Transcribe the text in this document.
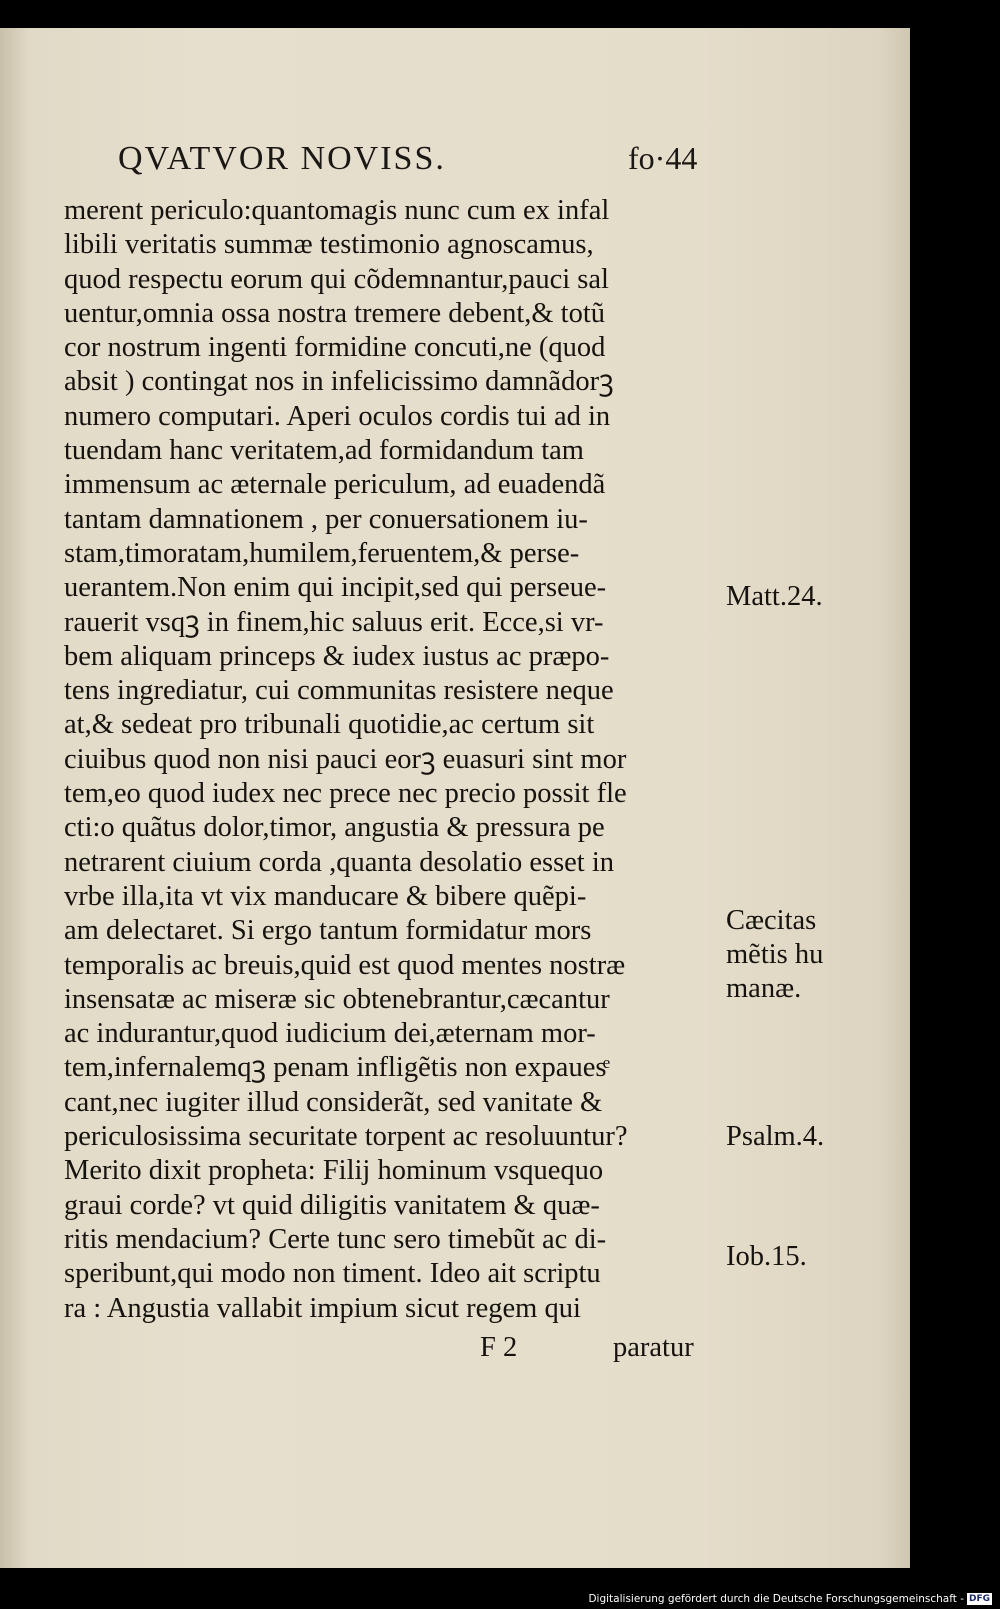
QVATVOR NOVISS.	fo·44
merent periculo:quantomagis nunc cum ex infal
libili veritatis summæ testimonio agnoscamus,
quod respectu eorum qui cõdemnantur,pauci sal
uentur,omnia ossa nostra tremere debent,& totũ
cor nostrum ingenti formidine concuti,ne (quod
absit ) contingat nos in infelicissimo damnãdorꝫ
numero computari. Aperi oculos cordis tui ad in
tuendam hanc veritatem,ad formidandum tam
immensum ac æternale periculum, ad euadendã
tantam damnationem , per conuersationem iu-
stam,timoratam,humilem,feruentem,& perse-
uerantem.Non enim qui incipit,sed qui perseue-
rauerit vsqꝫ in finem,hic saluus erit. Ecce,si vr-
bem aliquam princeps & iudex iustus ac præpo-
tens ingrediatur, cui communitas resistere neque
at,& sedeat pro tribunali quotidie,ac certum sit
ciuibus quod non nisi pauci eorꝫ euasuri sint mor
tem,eo quod iudex nec prece nec precio possit fle
cti:o quãtus dolor,timor, angustia & pressura pe
netrarent ciuium corda ,quanta desolatio esset in
vrbe illa,ita vt vix manducare & bibere quẽpi-
am delectaret. Si ergo tantum formidatur mors
temporalis ac breuis,quid est quod mentes nostræ
insensatæ ac miseræ sic obtenebrantur,cæcantur
ac indurantur,quod iudicium dei,æternam mor-
tem,infernalemqꝫ penam infligẽtis non expauesͤ
cant,nec iugiter illud considerãt, sed vanitate &
periculosissima securitate torpent ac resoluuntur?
Merito dixit propheta: Filij hominum vsquequo
graui corde? vt quid diligitis vanitatem & quæ-
ritis mendacium? Certe tunc sero timebũt ac di-
speribunt,qui modo non timent. Ideo ait scriptu
ra : Angustia vallabit impium sicut regem qui
Matt.24.
Cæcitas
mẽtis hu
manæ.
Psalm.4.
Iob.15.
F 2	paratur
Digitalisierung gefördert durch die Deutsche Forschungsgemeinschaft - DFG
